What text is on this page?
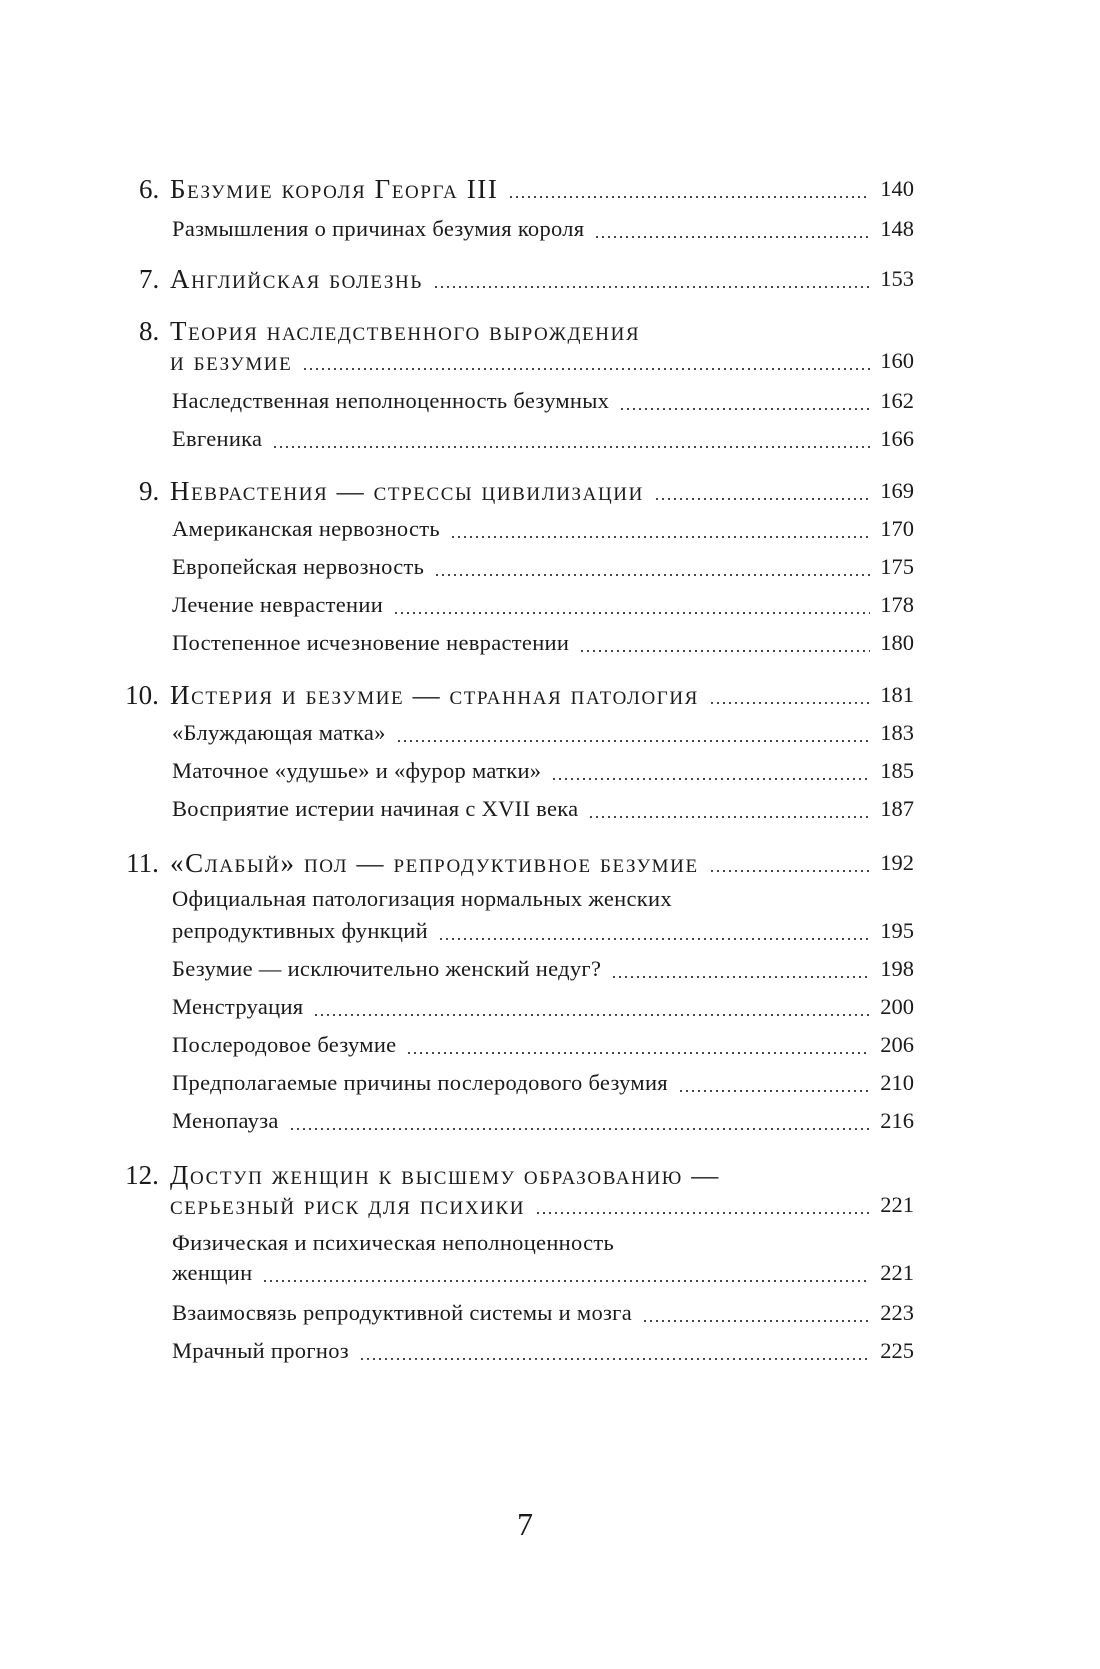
6. Безумие короля Георга III	140
Размышления о причинах безумия короля	148
7. Английская болезнь	153
8. Теория наследственного вырождения
и безумие	160
Наследственная неполноценность безумных	162
Евгеника	166
9. Неврастения — стрессы цивилизации	169
Американская нервозность	170
Европейская нервозность	175
Лечение неврастении	178
Постепенное исчезновение неврастении	180
10. Истерия и безумие — странная патология	181
«Блуждающая матка»	183
Маточное «удушье» и «фурор матки»	185
Восприятие истерии начиная с XVII века	187
11. «Слабый» пол — репродуктивное безумие	192
Официальная патологизация нормальных женских
репродуктивных функций	195
Безумие — исключительно женский недуг?	198
Менструация	200
Послеродовое безумие	206
Предполагаемые причины послеродового безумия	210
Менопауза	216
12. Доступ женщин к высшему образованию —
серьезный риск для психики	221
Физическая и психическая неполноценность
женщин	221
Взаимосвязь репродуктивной системы и мозга	223
Мрачный прогноз	225
7
